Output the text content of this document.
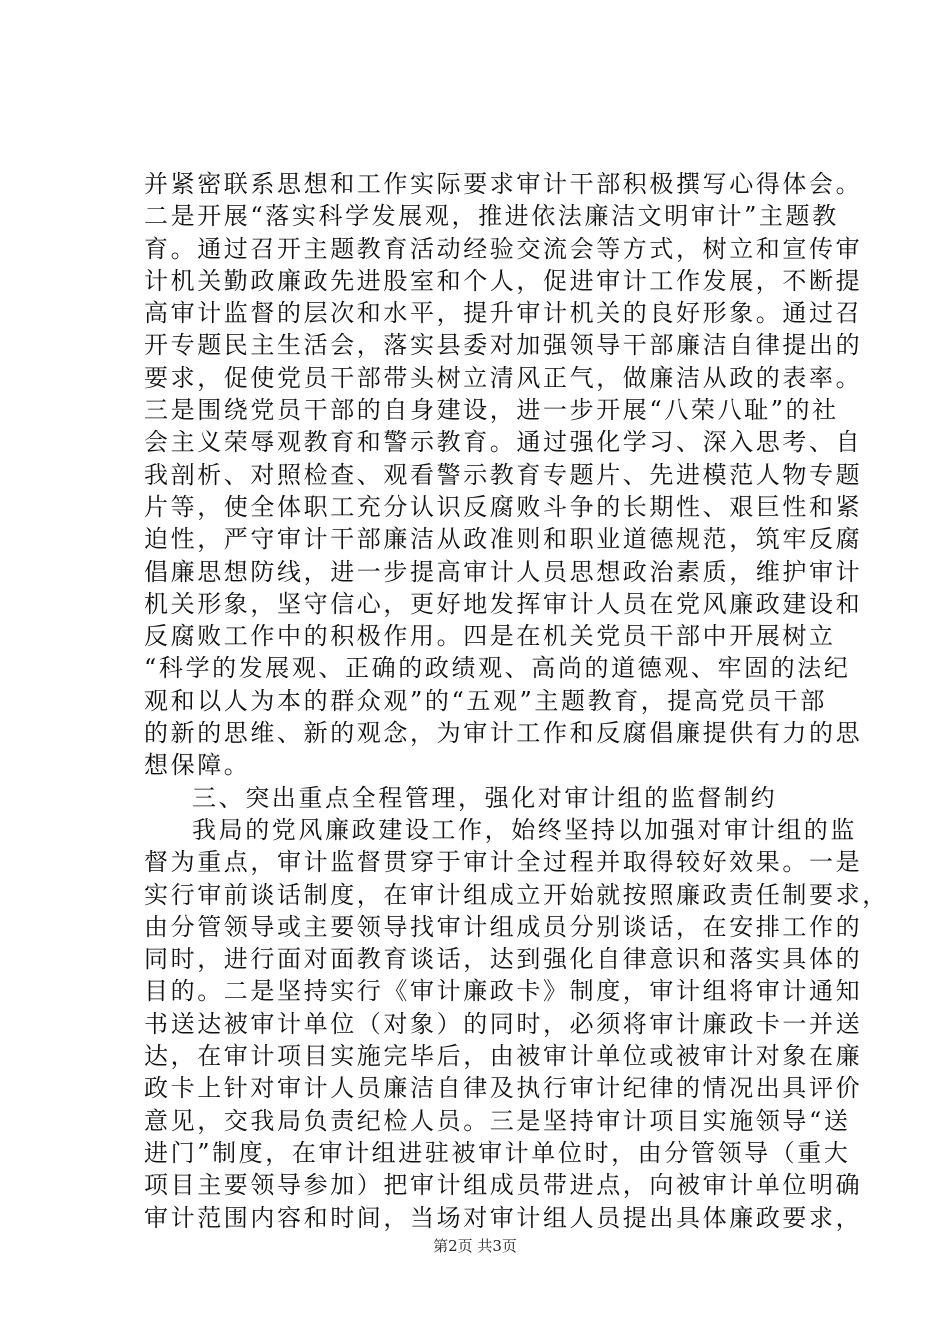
并紧密联系思想和工作实际要求审计干部积极撰写心得体会。
二是开展“落实科学发展观，推进依法廉洁文明审计”主题教
育。通过召开主题教育活动经验交流会等方式，树立和宣传审
计机关勤政廉政先进股室和个人，促进审计工作发展，不断提
高审计监督的层次和水平，提升审计机关的良好形象。通过召
开专题民主生活会，落实县委对加强领导干部廉洁自律提出的
要求，促使党员干部带头树立清风正气，做廉洁从政的表率。
三是围绕党员干部的自身建设，进一步开展“八荣八耻”的社
会主义荣辱观教育和警示教育。通过强化学习、深入思考、自
我剖析、对照检查、观看警示教育专题片、先进模范人物专题
片等，使全体职工充分认识反腐败斗争的长期性、艰巨性和紧
迫性，严守审计干部廉洁从政准则和职业道德规范，筑牢反腐
倡廉思想防线，进一步提高审计人员思想政治素质，维护审计
机关形象，坚守信心，更好地发挥审计人员在党风廉政建设和
反腐败工作中的积极作用。四是在机关党员干部中开展树立
“科学的发展观、正确的政绩观、高尚的道德观、牢固的法纪
观和以人为本的群众观”的“五观”主题教育，提高党员干部
的新的思维、新的观念，为审计工作和反腐倡廉提供有力的思
想保障。
三、突出重点全程管理，强化对审计组的监督制约
我局的党风廉政建设工作，始终坚持以加强对审计组的监
督为重点，审计监督贯穿于审计全过程并取得较好效果。一是
实行审前谈话制度，在审计组成立开始就按照廉政责任制要求，
由分管领导或主要领导找审计组成员分别谈话，在安排工作的
同时，进行面对面教育谈话，达到强化自律意识和落实具体的
目的。二是坚持实行《审计廉政卡》制度，审计组将审计通知
书送达被审计单位（对象）的同时，必须将审计廉政卡一并送
达，在审计项目实施完毕后，由被审计单位或被审计对象在廉
政卡上针对审计人员廉洁自律及执行审计纪律的情况出具评价
意见，交我局负责纪检人员。三是坚持审计项目实施领导“送
进门”制度，在审计组进驻被审计单位时，由分管领导（重大
项目主要领导参加）把审计组成员带进点，向被审计单位明确
审计范围内容和时间，当场对审计组人员提出具体廉政要求，
第2页 共3页
